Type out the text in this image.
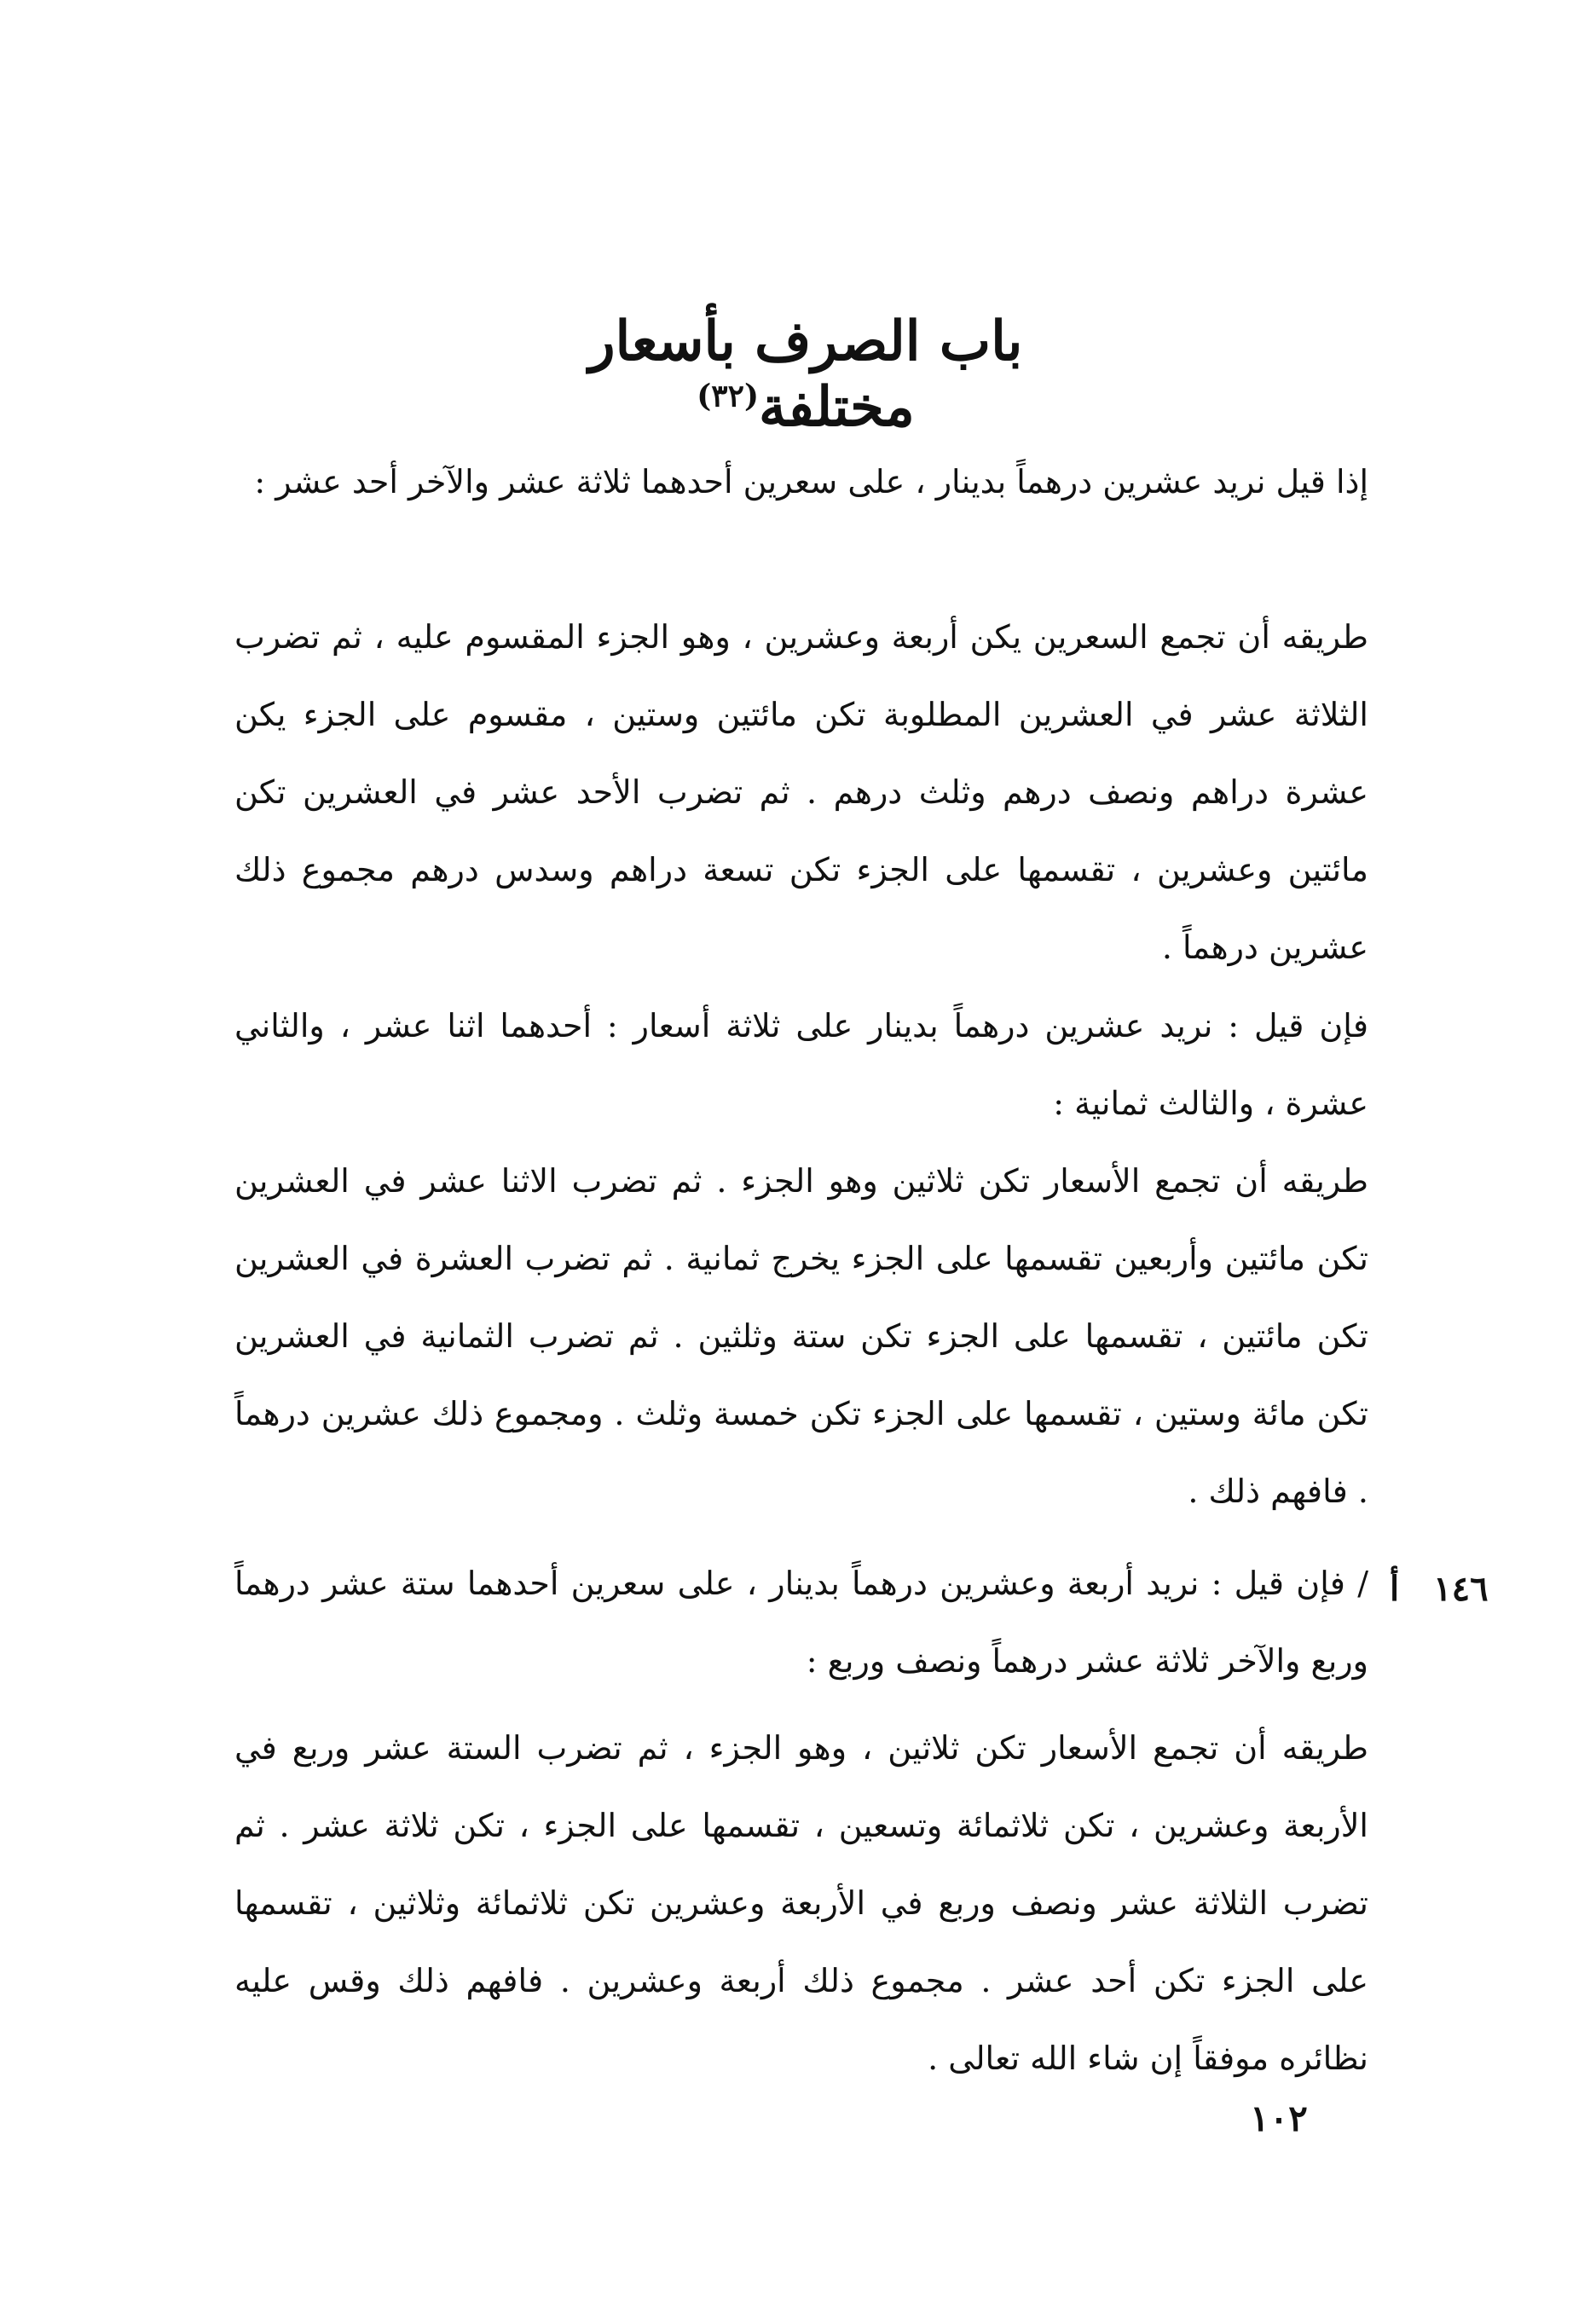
باب الصرف بأسعار مختلفة$^{(٣٢)}$

إذا قيل نريد عشرين درهماً بدينار ، على سعرين أحدهما ثلاثة عشر والآخر أحد عشر :

طريقه أن تجمع السعرين يكن أربعة وعشرين ، وهو الجزء المقسوم عليه ، ثم تضرب الثلاثة عشر في العشرين المطلوبة تكن مائتين وستين ، مقسوم على الجزء يكن عشرة دراهم ونصف درهم وثلث درهم . ثم تضرب الأحد عشر في العشرين تكن مائتين وعشرين ، تقسمها على الجزء تكن تسعة دراهم وسدس درهم مجموع ذلك عشرين درهماً .

فإن قيل : نريد عشرين درهماً بدينار على ثلاثة أسعار : أحدهما اثنا عشر ، والثاني عشرة ، والثالث ثمانية :

طريقه أن تجمع الأسعار تكن ثلاثين وهو الجزء . ثم تضرب الاثنا عشر في العشرين تكن مائتين وأربعين تقسمها على الجزء يخرج ثمانية . ثم تضرب العشرة في العشرين تكن مائتين ، تقسمها على الجزء تكن ستة وثلثين . ثم تضرب الثمانية في العشرين تكن مائة وستين ، تقسمها على الجزء تكن خمسة وثلث . ومجموع ذلك عشرين درهماً . فافهم ذلك .

/ فإن قيل : نريد أربعة وعشرين درهماً بدينار ، على سعرين أحدهما ستة عشر درهماً وربع والآخر ثلاثة عشر درهماً ونصف وربع :

طريقه أن تجمع الأسعار تكن ثلاثين ، وهو الجزء ، ثم تضرب الستة عشر وربع في الأربعة وعشرين ، تكن ثلاثمائة وتسعين ، تقسمها على الجزء ، تكن ثلاثة عشر . ثم تضرب الثلاثة عشر ونصف وربع في الأربعة وعشرين تكن ثلاثمائة وثلاثين ، تقسمها على الجزء تكن أحد عشر . مجموع ذلك أربعة وعشرين . فافهم ذلك وقس عليه نظائره موفقاً إن شاء الله تعالى .

١٤٦أ
١٠٢
